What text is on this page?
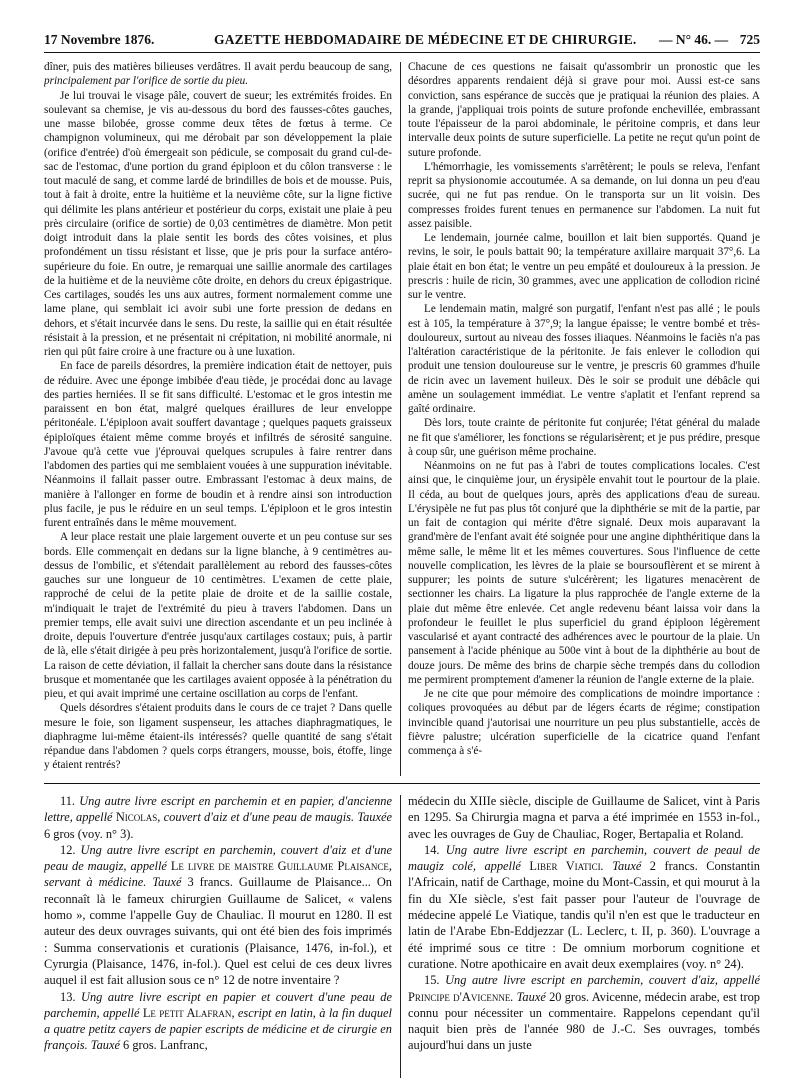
17 Novembre 1876.	GAZETTE HEBDOMADAIRE DE MÉDECINE ET DE CHIRURGIE. — N° 46. — 725

dîner, puis des matières bilieuses verdâtres. Il avait perdu beaucoup de sang, principalement par l'orifice de sortie du pieu.

Je lui trouvai le visage pâle, couvert de sueur; les extrémités froides. En soulevant sa chemise, je vis au-dessous du bord des fausses-côtes gauches, une masse bilobée, grosse comme deux têtes de fœtus à terme. Ce champignon volumineux, qui me dérobait par son développement la plaie (orifice d'entrée) d'où émergeait son pédicule, se composait du grand cul-de-sac de l'estomac, d'une portion du grand épiploon et du côlon transverse : le tout maculé de sang, et comme lardé de brindilles de bois et de mousse. Puis, tout à fait à droite, entre la huitième et la neuvième côte, sur la ligne fictive qui délimite les plans antérieur et postérieur du corps, existait une plaie à peu près circulaire (orifice de sortie) de 0,03 centimètres de diamètre. Mon petit doigt introduit dans la plaie sentit les bords des côtes voisines, et plus profondément un tissu résistant et lisse, que je pris pour la surface antéro-supérieure du foie. En outre, je remarquai une saillie anormale des cartilages de la huitième et de la neuvième côte droite, en dehors du creux épigastrique. Ces cartilages, soudés les uns aux autres, forment normalement comme une lame plane, qui semblait ici avoir subi une forte pression de dedans en dehors, et s'était incurvée dans le sens. Du reste, la saillie qui en était résultée résistait à la pression, et ne présentait ni crépitation, ni mobilité anormale, ni rien qui pût faire croire à une fracture ou à une luxation.

En face de pareils désordres, la première indication était de nettoyer, puis de réduire. Avec une éponge imbibée d'eau tiède, je procédai donc au lavage des parties herniées. Il se fit sans difficulté. L'estomac et le gros intestin me paraissent en bon état, malgré quelques éraillures de leur enveloppe péritonéale. L'épiploon avait souffert davantage ; quelques paquets graisseux épiploïques étaient même comme broyés et infiltrés de sérosité sanguine. J'avoue qu'à cette vue j'éprouvai quelques scrupules à faire rentrer dans l'abdomen des parties qui me semblaient vouées à une suppuration inévitable. Néanmoins il fallait passer outre. Embrassant l'estomac à deux mains, de manière à l'allonger en forme de boudin et à rendre ainsi son introduction plus facile, je pus le réduire en un seul temps. L'épiploon et le gros intestin furent entraînés dans le même mouvement.

A leur place restait une plaie largement ouverte et un peu contuse sur ses bords. Elle commençait en dedans sur la ligne blanche, à 9 centimètres au-dessus de l'ombilic, et s'étendait parallèlement au rebord des fausses-côtes gauches sur une longueur de 10 centimètres. L'examen de cette plaie, rapproché de celui de la petite plaie de droite et de la saillie costale, m'indiquait le trajet de l'extrémité du pieu à travers l'abdomen. Dans un premier temps, elle avait suivi une direction ascendante et un peu inclinée à droite, depuis l'ouverture d'entrée jusqu'aux cartilages costaux; puis, à partir de là, elle s'était dirigée à peu près horizontalement, jusqu'à l'orifice de sortie. La raison de cette déviation, il fallait la chercher sans doute dans la résistance brusque et momentanée que les cartilages avaient opposée à la pénétration du pieu, et qui avait imprimé une certaine oscillation au corps de l'enfant.

Quels désordres s'étaient produits dans le cours de ce trajet ? Dans quelle mesure le foie, son ligament suspenseur, les attaches diaphragmatiques, le diaphragme lui-même étaient-ils intéressés? quelle quantité de sang s'était répandue dans l'abdomen ? quels corps étrangers, mousse, bois, étoffe, linge y étaient rentrés?

Chacune de ces questions ne faisait qu'assombrir un pronostic que les désordres apparents rendaient déjà si grave pour moi. Aussi est-ce sans conviction, sans espérance de succès que je pratiquai la réunion des plaies. A la grande, j'appliquai trois points de suture profonde enchevillée, embrassant toute l'épaisseur de la paroi abdominale, le péritoine compris, et dans leur intervalle deux points de suture superficielle. La petite ne reçut qu'un point de suture profonde.

L'hémorrhagie, les vomissements s'arrêtèrent; le pouls se releva, l'enfant reprit sa physionomie accoutumée. A sa demande, on lui donna un peu d'eau sucrée, qui ne fut pas rendue. On le transporta sur un lit voisin. Des compresses froides furent tenues en permanence sur l'abdomen. La nuit fut assez paisible.

Le lendemain, journée calme, bouillon et lait bien supportés. Quand je revins, le soir, le pouls battait 90; la température axillaire marquait 37°,6. La plaie était en bon état; le ventre un peu empâté et douloureux à la pression. Je prescris : huile de ricin, 30 grammes, avec une application de collodion riciné sur le ventre.

Le lendemain matin, malgré son purgatif, l'enfant n'est pas allé ; le pouls est à 105, la température à 37°,9; la langue épaisse; le ventre bombé et très-douloureux, surtout au niveau des fosses iliaques. Néanmoins le faciès n'a pas l'altération caractéristique de la péritonite. Je fais enlever le collodion qui produit une tension douloureuse sur le ventre, je prescris 60 grammes d'huile de ricin avec un lavement huileux. Dès le soir se produit une débâcle qui amène un soulagement immédiat. Le ventre s'aplatit et l'enfant reprend sa gaîté ordinaire.

Dès lors, toute crainte de péritonite fut conjurée; l'état général du malade ne fit que s'améliorer, les fonctions se régularisèrent; et je pus prédire, presque à coup sûr, une guérison même prochaine.

Néanmoins on ne fut pas à l'abri de toutes complications locales. C'est ainsi que, le cinquième jour, un érysipèle envahit tout le pourtour de la plaie. Il céda, au bout de quelques jours, après des applications d'eau de sureau. L'érysipèle ne fut pas plus tôt conjuré que la diphthérie se mit de la partie, par un fait de contagion qui mérite d'être signalé. Deux mois auparavant la grand'mère de l'enfant avait été soignée pour une angine diphthéritique dans la même salle, le même lit et les mêmes couvertures. Sous l'influence de cette nouvelle complication, les lèvres de la plaie se boursouflèrent et se mirent à suppurer; les points de suture s'ulcérèrent; les ligatures menacèrent de sectionner les chairs. La ligature la plus rapprochée de l'angle externe de la plaie dut même être enlevée. Cet angle redevenu béant laissa voir dans la profondeur le feuillet le plus superficiel du grand épiploon légèrement vascularisé et ayant contracté des adhérences avec le pourtour de la plaie. Un pansement à l'acide phénique au 500e vint à bout de la diphthérie au bout de douze jours. De même des brins de charpie sèche trempés dans du collodion me permirent promptement d'amener la réunion de l'angle externe de la plaie.

Je ne cite que pour mémoire des complications de moindre importance : coliques provoquées au début par de légers écarts de régime; constipation invincible quand j'autorisai une nourriture un peu plus substantielle, accès de fièvre palustre; ulcération superficielle de la cicatrice quand l'enfant commença à s'é-

11. Ung autre livre escript en parchemin et en papier, d'ancienne lettre, appellé Nicolas, couvert d'aiz et d'une peau de maugis. Tauxée 6 gros (voy. n° 3).

12. Ung autre livre escript en parchemin, couvert d'aiz et d'une peau de maugiz, appellé Le livre de maistre Guillaume Plaisance, servant à médicine. Tauxé 3 francs. Guillaume de Plaisance... On reconnaît là le fameux chirurgien Guillaume de Salicet, « valens homo », comme l'appelle Guy de Chauliac. Il mourut en 1280. Il est auteur des deux ouvrages suivants, qui ont été bien des fois imprimés : Summa conservationis et curationis (Plaisance, 1476, in-fol.), et Cyrurgia (Plaisance, 1476, in-fol.). Quel est celui de ces deux livres auquel il est fait allusion sous ce n° 12 de notre inventaire ?

13. Ung autre livre escript en papier et couvert d'une peau de parchemin, appellé Le petit Alafran, escript en latin, à la fin duquel a quatre petitz cayers de papier escripts de médicine et de cirurgie en françois. Tauxé 6 gros. Lanfranc,

médecin du XIIIe siècle, disciple de Guillaume de Salicet, vint à Paris en 1295. Sa Chirurgia magna et parva a été imprimée en 1553 in-fol., avec les ouvrages de Guy de Chauliac, Roger, Bertapalia et Roland.

14. Ung autre livre escript en parchemin, couvert de peaul de maugiz colé, appellé Liber Viatici. Tauxé 2 francs. Constantin l'Africain, natif de Carthage, moine du Mont-Cassin, et qui mourut à la fin du XIe siècle, s'est fait passer pour l'auteur de l'ouvrage de médecine appelé Le Viatique, tandis qu'il n'en est que le traducteur en latin de l'Arabe Ebn-Eddjezzar (L. Leclerc, t. II, p. 360). L'ouvrage a été imprimé sous ce titre : De omnium morborum cognitione et curatione. Notre apothicaire en avait deux exemplaires (voy. n° 24).

15. Ung autre livre escript en parchemin, couvert d'aiz, appellé Principe d'Avicenne. Tauxé 20 gros. Avicenne, médecin arabe, est trop connu pour nécessiter un commentaire. Rappelons cependant qu'il naquit bien près de l'année 980 de J.-C. Ses ouvrages, tombés aujourd'hui dans un juste
